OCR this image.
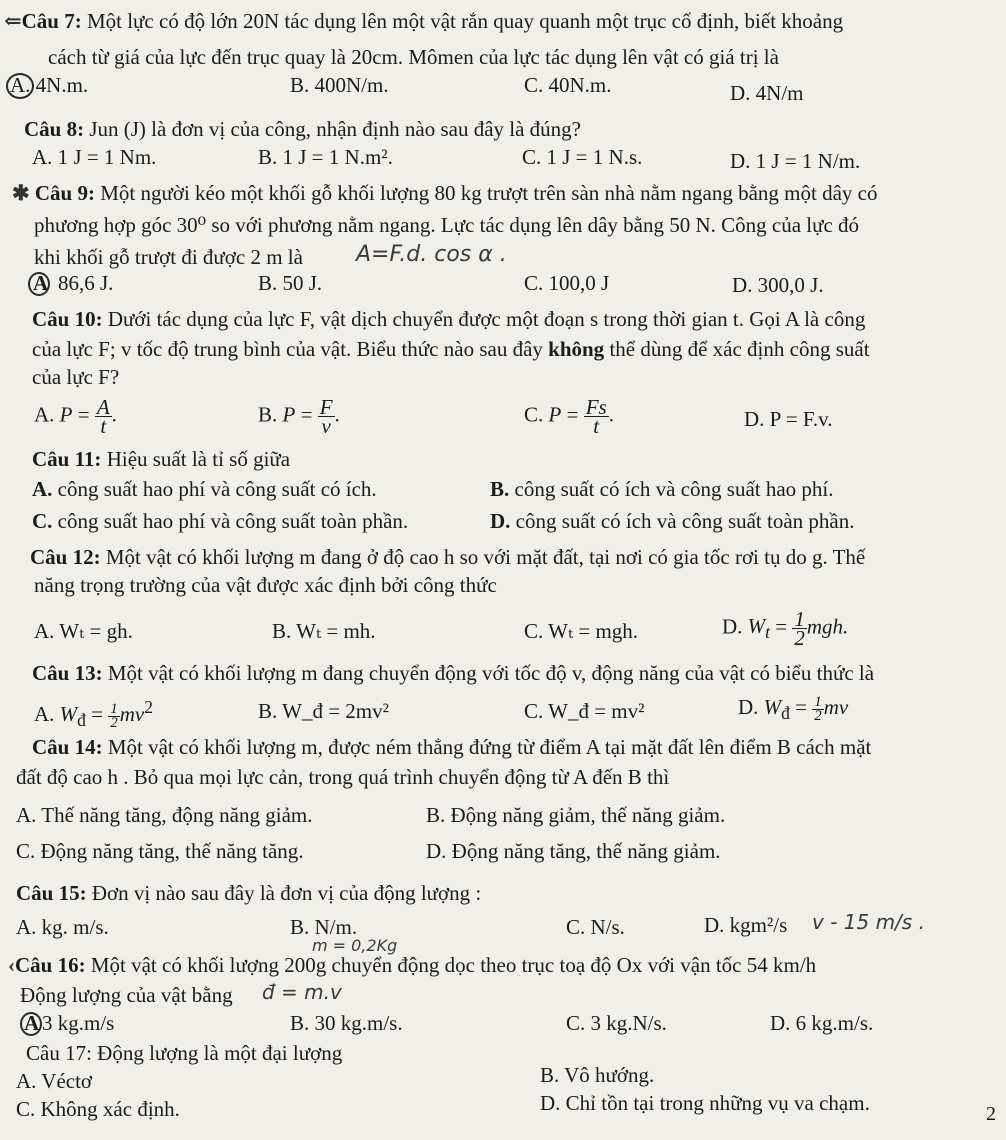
⇐Câu 7: Một lực có độ lớn 20N tác dụng lên một vật rắn quay quanh một trục cố định, biết khoảng
cách từ giá của lực đến trục quay là 20cm. Mômen của lực tác dụng lên vật có giá trị là
A. 4N.m.	B. 400N/m.	C. 40N.m.	D. 4N/m
Câu 8: Jun (J) là đơn vị của công, nhận định nào sau đây là đúng?
A. 1 J = 1 Nm.	B. 1 J = 1 N.m².	C. 1 J = 1 N.s.	D. 1 J = 1 N/m.
✱ Câu 9: Một người kéo một khối gỗ khối lượng 80 kg trượt trên sàn nhà nằm ngang bằng một dây có
phương hợp góc 30⁰ so với phương nằm ngang. Lực tác dụng lên dây bằng 50 N. Công của lực đó
khi khối gỗ trượt đi được 2 m là A=F.d. cos α .
A 86,6 J.	B. 50 J.	C. 100,0 J	D. 300,0 J.
Câu 10: Dưới tác dụng của lực F, vật dịch chuyển được một đoạn s trong thời gian t. Gọi A là công
của lực F; v tốc độ trung bình của vật. Biểu thức nào sau đây không thể dùng để xác định công suất
của lực F?
A. $P = \frac{A}{t}$ .	B. $P = \frac{F}{v}$ .	C. $P = \frac{Fs}{t}$ .	D. P = F.v.
Câu 11: Hiệu suất là tỉ số giữa
A. công suất hao phí và công suất có ích.	B. công suất có ích và công suất hao phí.
C. công suất hao phí và công suất toàn phần.	D. công suất có ích và công suất toàn phần.
Câu 12: Một vật có khối lượng m đang ở độ cao h so với mặt đất, tại nơi có gia tốc rơi tụ do g. Thế
năng trọng trường của vật được xác định bởi công thức
A. Wₜ = gh.	B. Wₜ = mh.	C. Wₜ = mgh.	D. $W_t = \frac{1}{2}$ mgh.
Câu 13: Một vật có khối lượng m đang chuyển động với tốc độ v, động năng của vật có biểu thức là
A. $W_đ = \frac{1}{2} mv^2$	B. W_đ = 2mv²	C. W_đ = mv²	D. $W_đ = \frac{1}{2}$ mv
Câu 14: Một vật có khối lượng m, được ném thẳng đứng từ điểm A tại mặt đất lên điểm B cách mặt
đất độ cao h . Bỏ qua mọi lực cản, trong quá trình chuyển động từ A đến B thì
A. Thế năng tăng, động năng giảm.	B. Động năng giảm, thế năng giảm.
C. Động năng tăng, thế năng tăng.	D. Động năng tăng, thế năng giảm.
Câu 15: Đơn vị nào sau đây là đơn vị của động lượng :
A. kg. m/s.	B. N/m.	C. N/s.	D. kgm²/s v - 15 m/s .
m = 0,2Kg
‹Câu 16: Một vật có khối lượng 200g chuyển động dọc theo trục toạ độ Ox với vận tốc 54 km/h
Động lượng của vật bằng đ = m.v
A 3 kg.m/s	B. 30 kg.m/s.	C. 3 kg.N/s.	D. 6 kg.m/s.
Câu 17: Động lượng là một đại lượng
A. Véctơ	B. Vô hướng.
C. Không xác định.	D. Chỉ tồn tại trong những vụ va chạm.	2
